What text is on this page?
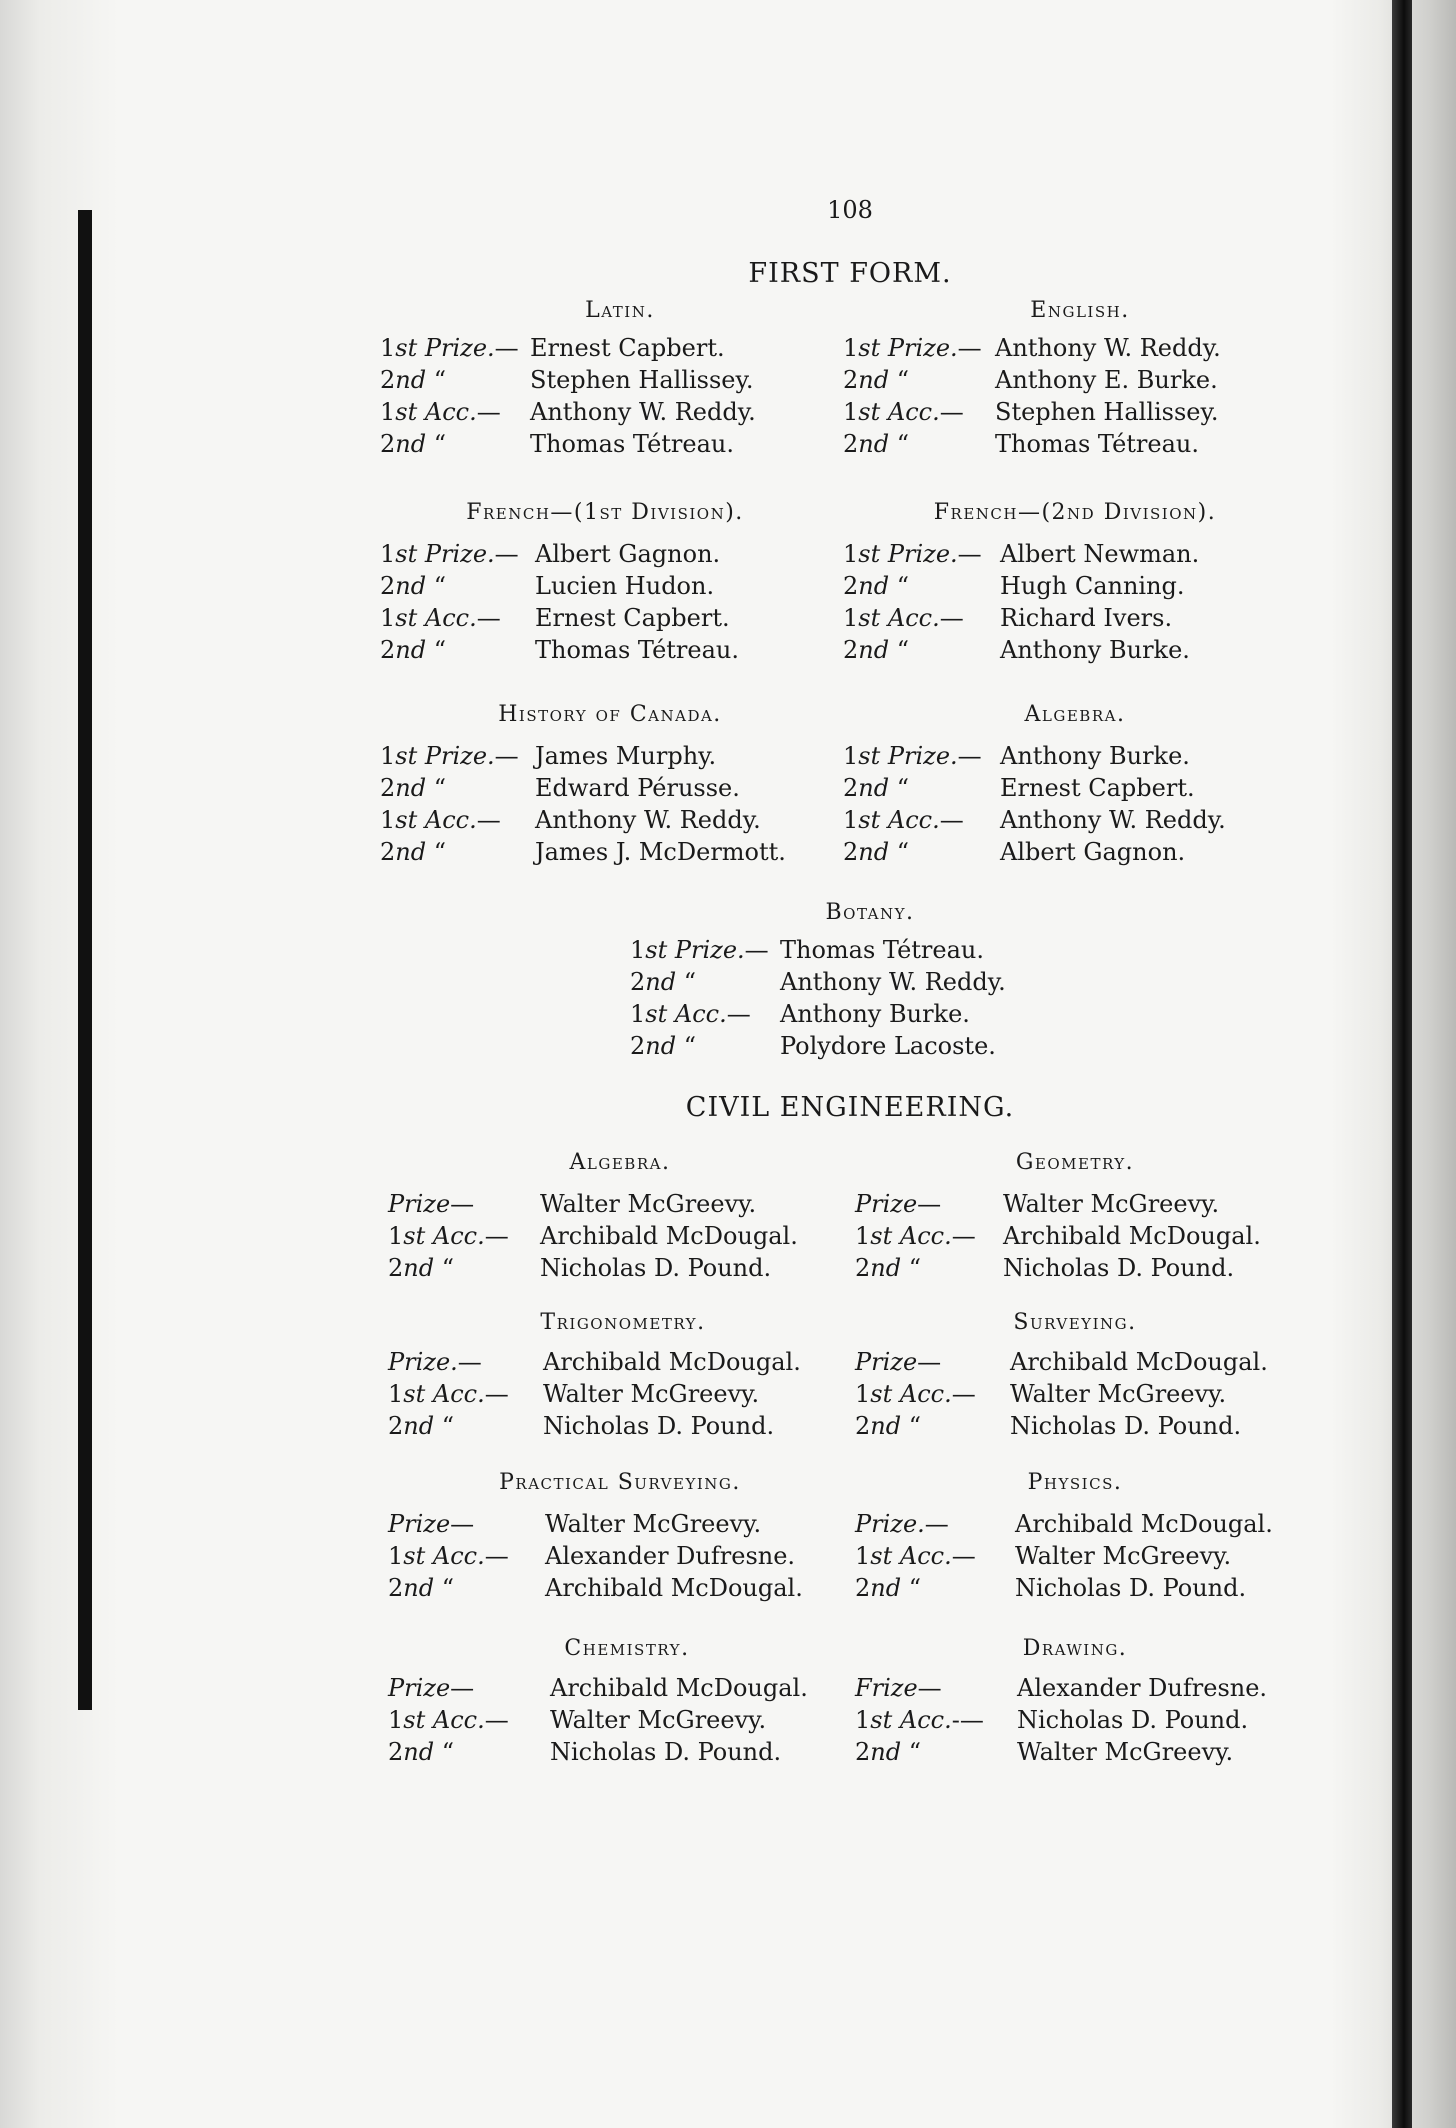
108
FIRST FORM.
CIVIL ENGINEERING.
Latin.
1st Prize.— Ernest Capbert.
2nd “	Stephen Hallissey.
1st Acc.— Anthony W. Reddy.
2nd “	Thomas Tétreau.
English.
1st Prize.— Anthony W. Reddy.
2nd “	Anthony E. Burke.
1st Acc.— Stephen Hallissey.
2nd “	Thomas Tétreau.
French—(1st Division).
1st Prize.— Albert Gagnon.
2nd “	Lucien Hudon.
1st Acc.— Ernest Capbert.
2nd “	Thomas Tétreau.
French—(2nd Division).
1st Prize.— Albert Newman.
2nd “	Hugh Canning.
1st Acc.— Richard Ivers.
2nd “	Anthony Burke.
History of Canada.
1st Prize.— James Murphy.
2nd “	Edward Pérusse.
1st Acc.— Anthony W. Reddy.
2nd “	James J. McDermott.
Algebra.
1st Prize.— Anthony Burke.
2nd “	Ernest Capbert.
1st Acc.— Anthony W. Reddy.
2nd “	Albert Gagnon.
Botany.
1st Prize.— Thomas Tétreau.
2nd “	Anthony W. Reddy.
1st Acc.— Anthony Burke.
2nd “	Polydore Lacoste.
Algebra.
Prize—	Walter McGreevy.
1st Acc.— Archibald McDougal.
2nd “	Nicholas D. Pound.
Geometry.
Prize—	Walter McGreevy.
1st Acc.— Archibald McDougal.
2nd “	Nicholas D. Pound.
Trigonometry.
Prize.—	Archibald McDougal.
1st Acc.— Walter McGreevy.
2nd “	Nicholas D. Pound.
Surveying.
Prize—	Archibald McDougal.
1st Acc.— Walter McGreevy.
2nd “	Nicholas D. Pound.
Practical Surveying.
Prize—	Walter McGreevy.
1st Acc.— Alexander Dufresne.
2nd “	Archibald McDougal.
Physics.
Prize.—	Archibald McDougal.
1st Acc.— Walter McGreevy.
2nd “	Nicholas D. Pound.
Chemistry.
Prize—	Archibald McDougal.
1st Acc.— Walter McGreevy.
2nd “	Nicholas D. Pound.
Drawing.
Frize—	Alexander Dufresne.
1st Acc.-— Nicholas D. Pound.
2nd “	Walter McGreevy.
